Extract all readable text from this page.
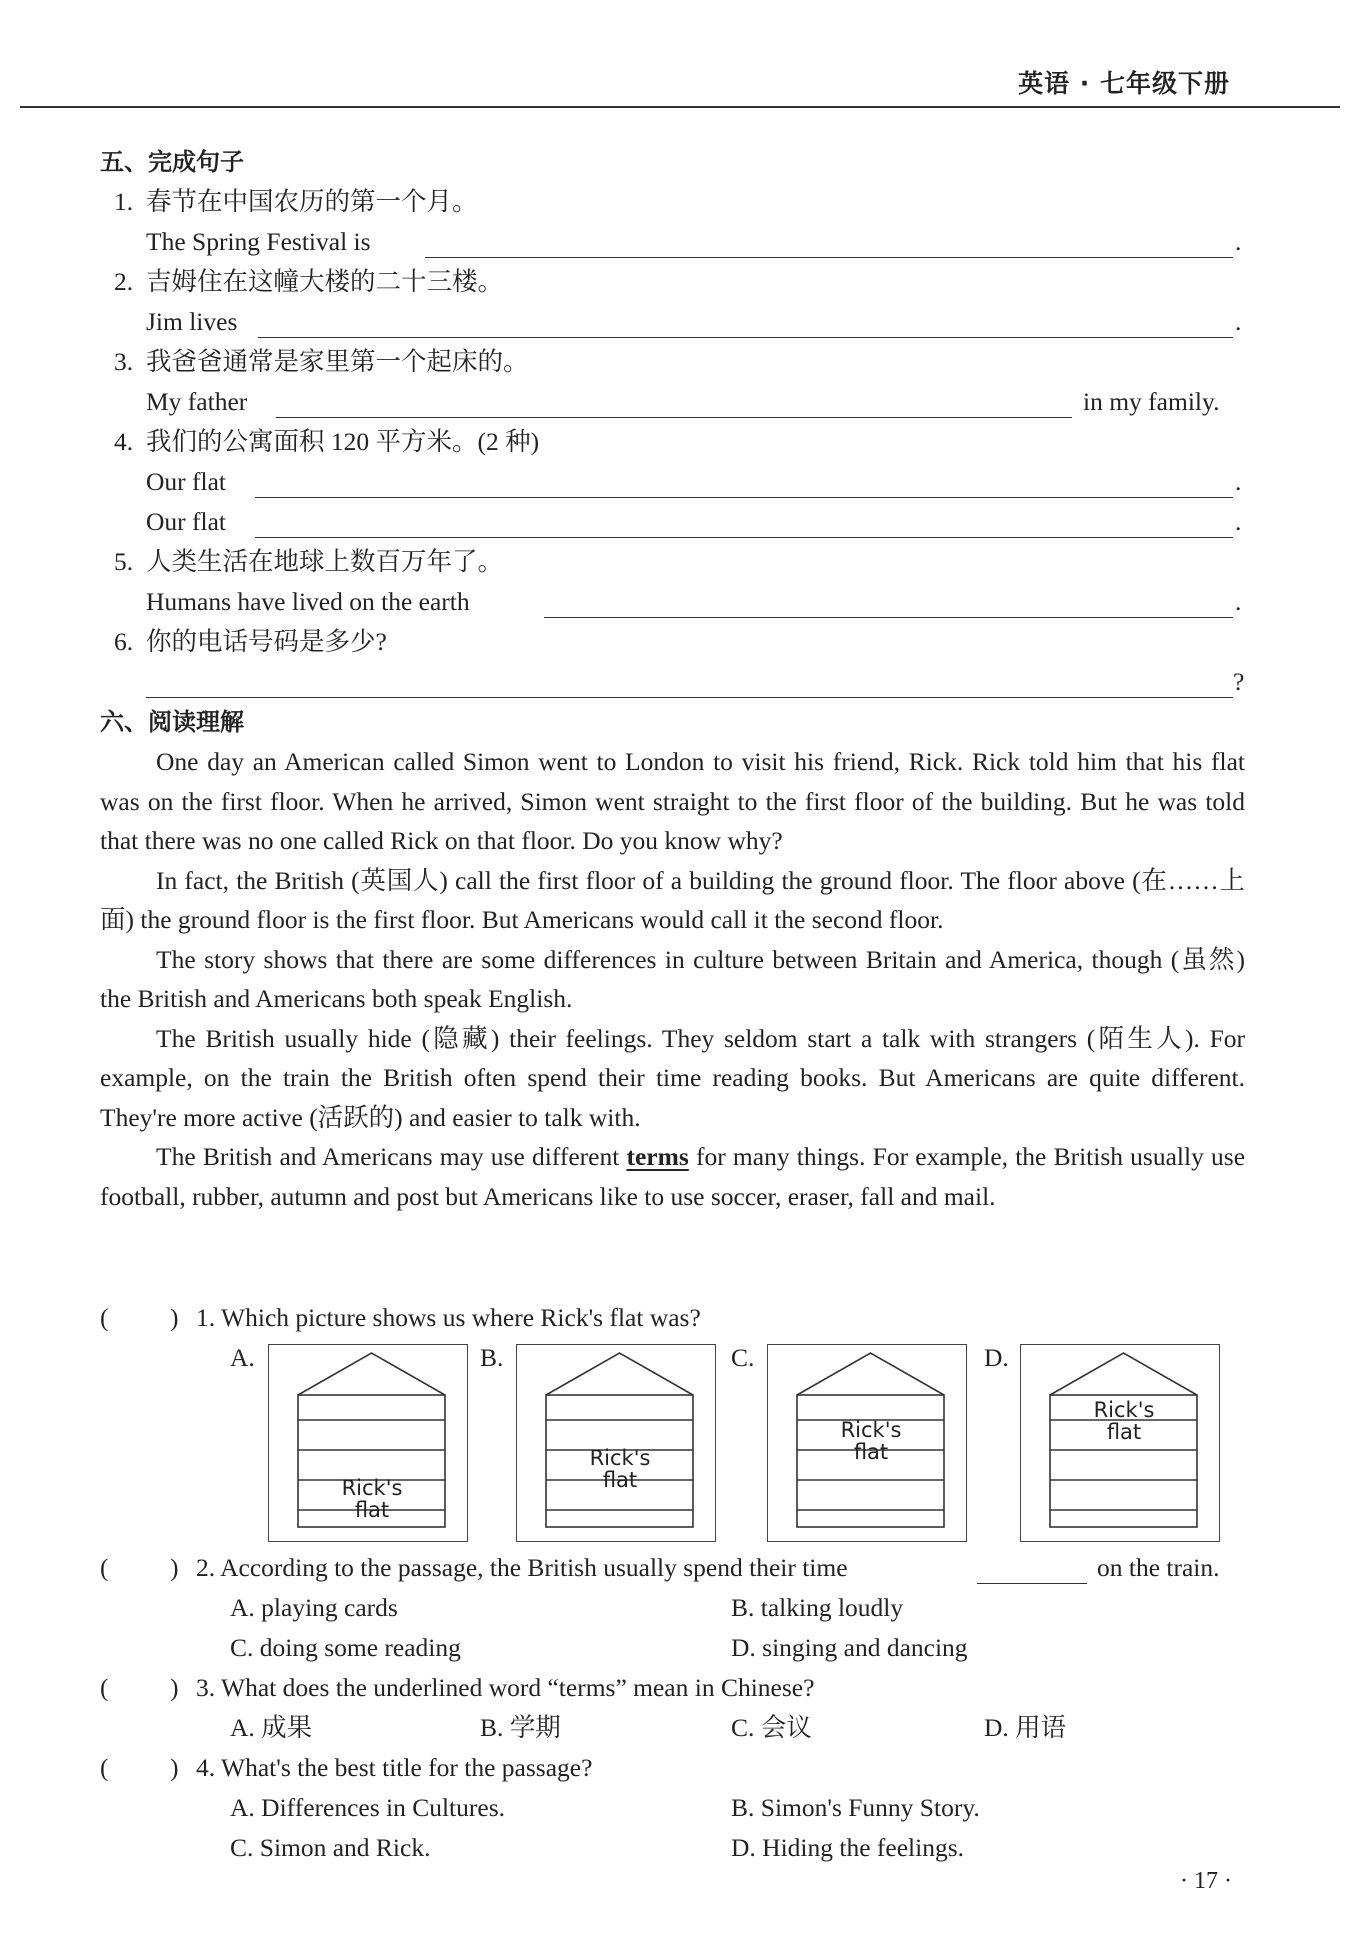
英语 · 七年级下册
五、完成句子
1. 春节在中国农历的第一个月。
The Spring Festival is	.
2. 吉姆住在这幢大楼的二十三楼。
Jim lives	.
3. 我爸爸通常是家里第一个起床的。
My father	in my family.
4. 我们的公寓面积 120 平方米。(2 种)
Our flat	.
Our flat	.
5. 人类生活在地球上数百万年了。
Humans have lived on the earth	.
6. 你的电话号码是多少?
?
六、阅读理解

One day an American called Simon went to London to visit his friend, Rick. Rick told him that his flat was on the first floor. When he arrived, Simon went straight to the first floor of the building. But he was told that there was no one called Rick on that floor. Do you know why?

In fact, the British (英国人) call the first floor of a building the ground floor. The floor above (在……上面) the ground floor is the first floor. But Americans would call it the second floor.

The story shows that there are some differences in culture between Britain and America, though (虽然) the British and Americans both speak English.

The British usually hide (隐藏) their feelings. They seldom start a talk with strangers (陌生人). For example, on the train the British often spend their time reading books. But Americans are quite different. They're more active (活跃的) and easier to talk with.

The British and Americans may use different terms for many things. For example, the British usually use football, rubber, autumn and post but Americans like to use soccer, eraser, fall and mail.

( ) 1. Which picture shows us where Rick's flat was?
A.	B.	C.	D.
Rick's
flat
Rick's
flat
Rick's
flat
Rick's
flat
( ) 2. According to the passage, the British usually spend their time	on the train.
A. playing cards	B. talking loudly
C. doing some reading	D. singing and dancing
( ) 3. What does the underlined word “terms” mean in Chinese?
A. 成果	B. 学期	C. 会议	D. 用语
( ) 4. What's the best title for the passage?
A. Differences in Cultures.	B. Simon's Funny Story.
C. Simon and Rick.	D. Hiding the feelings.
· 17 ·
